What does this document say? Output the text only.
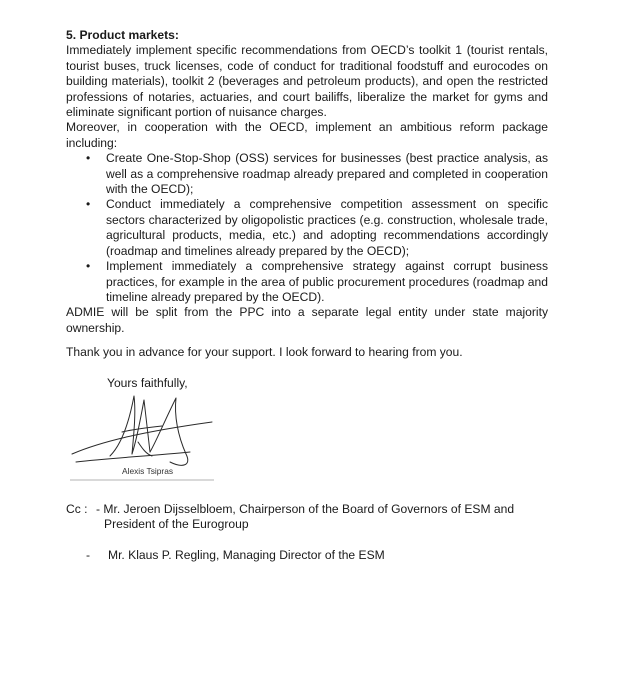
5. Product markets:
Immediately implement specific recommendations from OECD’s toolkit 1 (tourist rentals, tourist buses, truck licenses, code of conduct for traditional foodstuff and eurocodes on building materials), toolkit 2 (beverages and petroleum products), and open the restricted professions of notaries, actuaries, and court bailiffs, liberalize the market for gyms and eliminate significant portion of nuisance charges.
Moreover, in cooperation with the OECD, implement an ambitious reform package including:
• Create One-Stop-Shop (OSS) services for businesses (best practice analysis, as well as a comprehensive roadmap already prepared and completed in cooperation with the OECD);
• Conduct immediately a comprehensive competition assessment on specific sectors characterized by oligopolistic practices (e.g. construction, wholesale trade, agricultural products, media, etc.) and adopting recommendations accordingly (roadmap and timelines already prepared by the OECD);
• Implement immediately a comprehensive strategy against corrupt business practices, for example in the area of public procurement procedures (roadmap and timeline already prepared by the OECD).
ADMIE will be split from the PPC into a separate legal entity under state majority ownership.
Thank you in advance for your support. I look forward to hearing from you.
Yours faithfully,
Alexis Tsipras
Cc : - Mr. Jeroen Dijsselbloem, Chairperson of the Board of Governors of ESM and
President of the Eurogroup
- Mr. Klaus P. Regling, Managing Director of the ESM
